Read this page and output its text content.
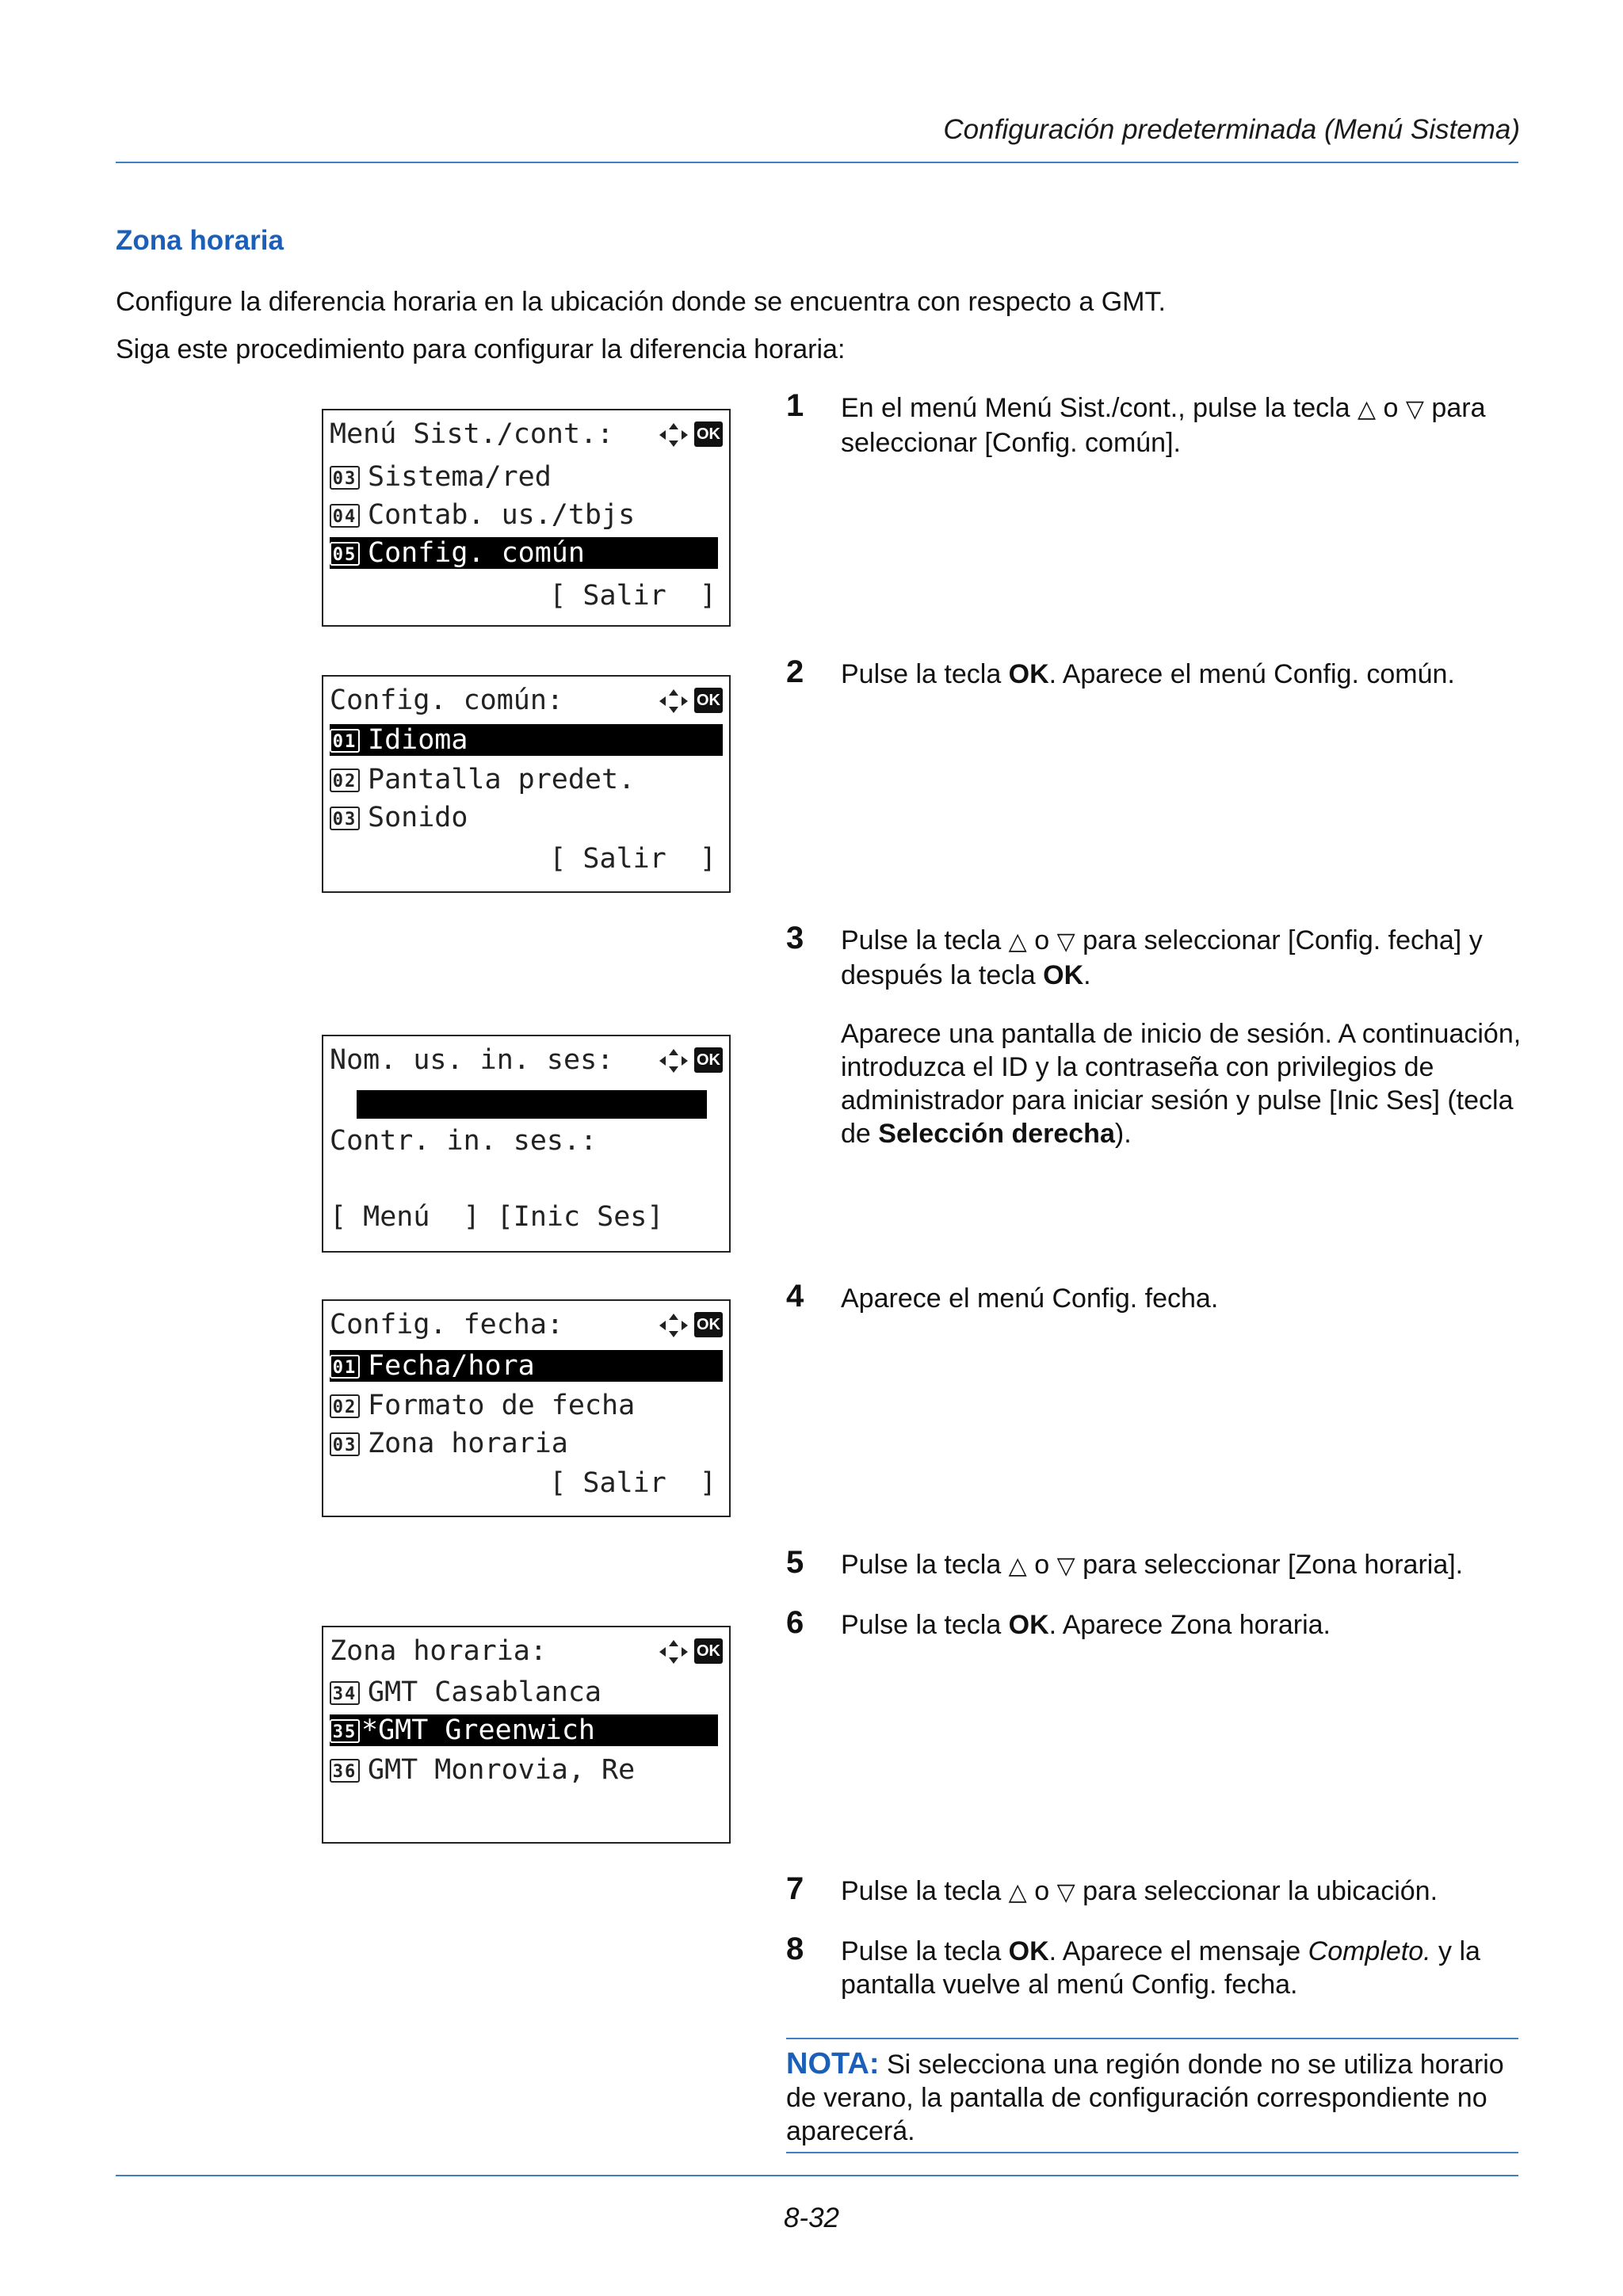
Configuración predeterminada (Menú Sistema)
Zona horaria
Configure la diferencia horaria en la ubicación donde se encuentra con respecto a GMT.
Siga este procedimiento para configurar la diferencia horaria:
Menú Sist./cont.:	OK
03 Sistema/red
04 Contab. us./tbjs
05 Config. común
[ Salir  ]
Config. común:	OK
01 Idioma
02 Pantalla predet.
03 Sonido
[ Salir  ]
Nom. us. in. ses:	OK
Contr. in. ses.:
[ Menú  ] [Inic Ses]
Config. fecha:	OK
01 Fecha/hora
02 Formato de fecha
03 Zona horaria
[ Salir  ]
Zona horaria:	OK
34 GMT Casablanca
35 *GMT Greenwich
36 GMT Monrovia, Re
1 En el menú Menú Sist./cont., pulse la tecla △ o ▽ para seleccionar [Config. común].
2 Pulse la tecla OK. Aparece el menú Config. común.
3 Pulse la tecla △ o ▽ para seleccionar [Config. fecha] y después la tecla OK.
Aparece una pantalla de inicio de sesión. A continuación, introduzca el ID y la contraseña con privilegios de administrador para iniciar sesión y pulse [Inic Ses] (tecla de Selección derecha).
4 Aparece el menú Config. fecha.
5 Pulse la tecla △ o ▽ para seleccionar [Zona horaria].
6 Pulse la tecla OK. Aparece Zona horaria.
7 Pulse la tecla △ o ▽ para seleccionar la ubicación.
8 Pulse la tecla OK. Aparece el mensaje Completo. y la pantalla vuelve al menú Config. fecha.
NOTA: Si selecciona una región donde no se utiliza horario de verano, la pantalla de configuración correspondiente no aparecerá.
8-32
